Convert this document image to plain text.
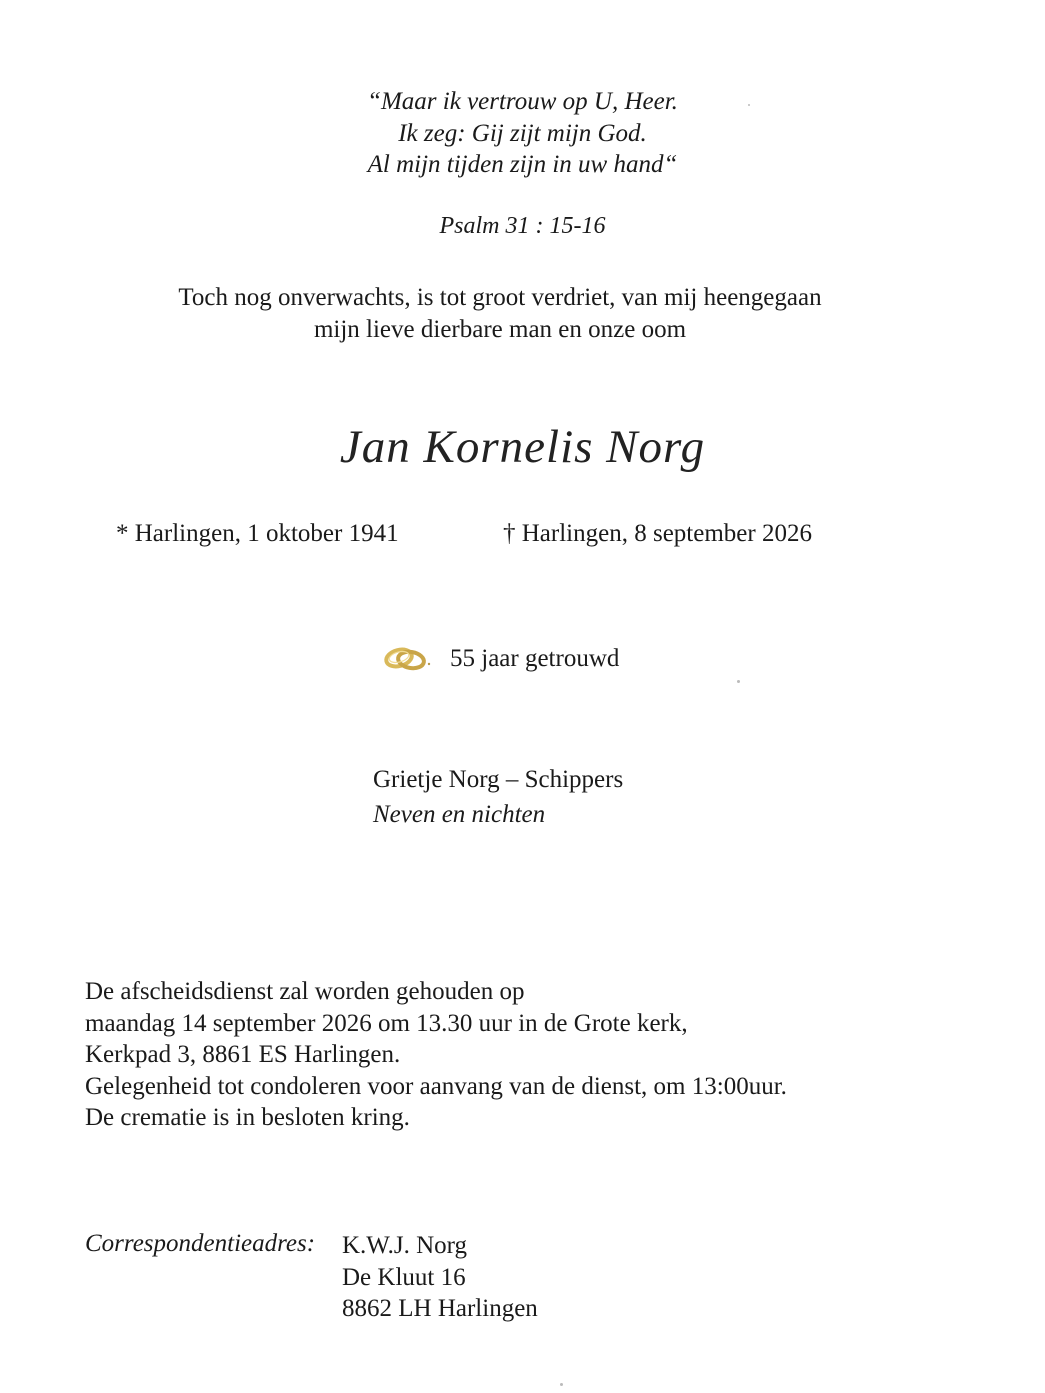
“Maar ik vertrouw op U, Heer.
Ik zeg: Gij zijt mijn God.
Al mijn tijden zijn in uw hand“
Psalm 31 : 15-16
Toch nog onverwachts, is tot groot verdriet, van mij heengegaan
mijn lieve dierbare man en onze oom
Jan Kornelis Norg
* Harlingen, 1 oktober 1941	† Harlingen, 8 september 2026
55 jaar getrouwd
Grietje Norg – Schippers
Neven en nichten
De afscheidsdienst zal worden gehouden op
maandag 14 september 2026 om 13.30 uur in de Grote kerk,
Kerkpad 3, 8861 ES Harlingen.
Gelegenheid tot condoleren voor aanvang van de dienst, om 13:00uur.
De crematie is in besloten kring.
Correspondentieadres: K.W.J. Norg
De Kluut 16
8862 LH Harlingen
